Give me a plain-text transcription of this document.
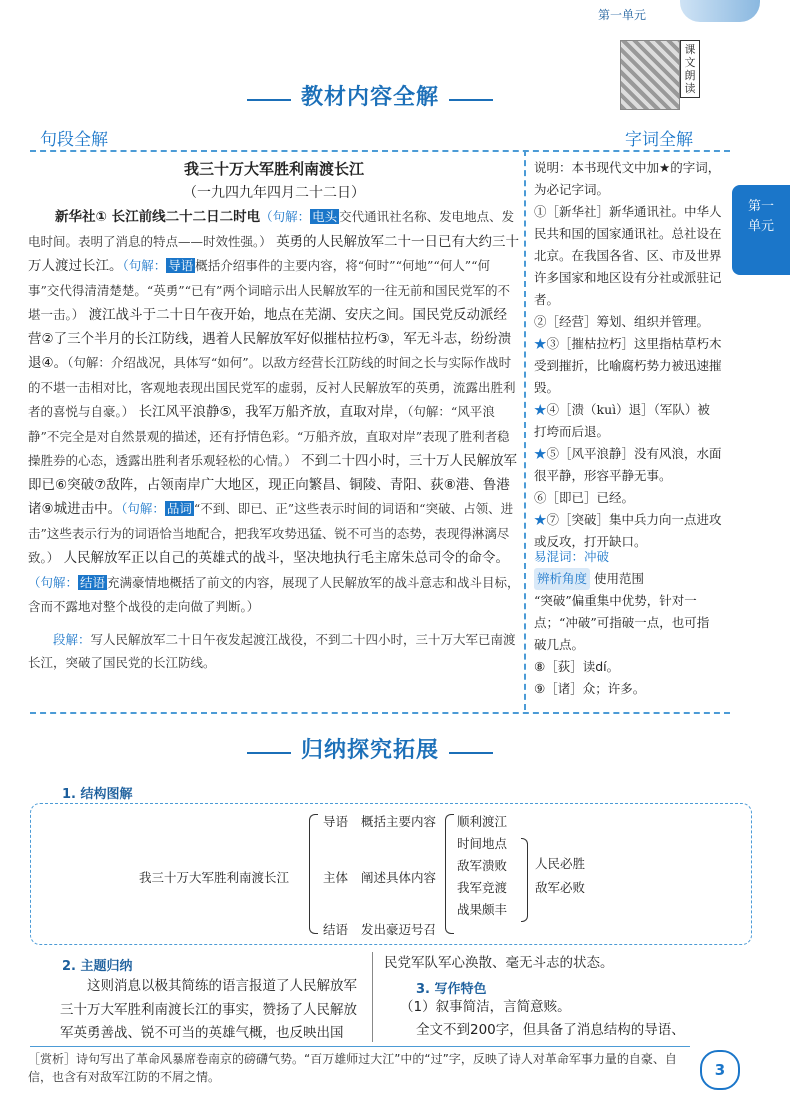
第一单元
课文朗读
教材内容全解
句段全解	字词全解
我三十万大军胜利南渡长江
（一九四九年四月二十二日）
新华社① 长江前线二十二日二时电（句解： 电头 交代通讯社名称、发电地点、发电时间。表明了消息的特点——时效性强。） 英勇的人民解放军二十一日已有大约三十万人渡过长江。（句解： 导语 概括介绍事件的主要内容，将“何时”“何地”“何人”“何事”交代得清清楚楚。“英勇”“已有”两个词暗示出人民解放军的一往无前和国民党军的不堪一击。） 渡江战斗于二十日午夜开始，地点在芜湖、安庆之间。国民党反动派经营②了三个半月的长江防线，遇着人民解放军好似摧枯拉朽③，军无斗志，纷纷溃退④。（句解：介绍战况，具体写“如何”。以敌方经营长江防线的时间之长与实际作战时的不堪一击相对比，客观地表现出国民党军的虚弱，反衬人民解放军的英勇，流露出胜利者的喜悦与自豪。） 长江风平浪静⑤，我军万船齐放，直取对岸，（句解：“风平浪静”不完全是对自然景观的描述，还有抒情色彩。“万船齐放，直取对岸”表现了胜利者稳操胜券的心态，透露出胜利者乐观轻松的心情。） 不到二十四小时，三十万人民解放军即已⑥突破⑦敌阵，占领南岸广大地区，现正向繁昌、铜陵、青阳、荻⑧港、鲁港诸⑨城进击中。（句解： 品词 “不到、即已、正”这些表示时间的词语和“突破、占领、进击”这些表示行为的词语恰当地配合，把我军攻势迅猛、锐不可当的态势，表现得淋漓尽致。） 人民解放军正以自己的英雄式的战斗，坚决地执行毛主席朱总司令的命令。（句解： 结语 充满豪情地概括了前文的内容，展现了人民解放军的战斗意志和战斗目标，含而不露地对整个战役的走向做了判断。）
段解：写人民解放军二十日午夜发起渡江战役，不到二十四小时，三十万大军已南渡长江，突破了国民党的长江防线。
说明：本书现代文中加★的字词，为必记字词。
①［新华社］新华通讯社。中华人民共和国的国家通讯社。总社设在北京。在我国各省、区、市及世界许多国家和地区设有分社或派驻记者。
②［经营］筹划、组织并管理。
★③［摧枯拉朽］这里指枯草朽木受到摧折，比喻腐朽势力被迅速摧毁。
★④［溃（kuì）退］（军队）被打垮而后退。
★⑤［风平浪静］没有风浪，水面很平静，形容平静无事。
⑥［即已］已经。
★⑦［突破］集中兵力向一点进攻或反攻，打开缺口。
易混词：冲破
辨析角度 使用范围
“突破”偏重集中优势，针对一点；“冲破”可指破一点，也可指破几点。
⑧［荻］读dí。
⑨［诸］众；许多。
第一
单元
归纳探究拓展
1. 结构图解
我三十万大军胜利南渡长江
导语 概括主要内容
主体 阐述具体内容
结语 发出豪迈号召
顺利渡江
时间地点
敌军溃败
我军竞渡
战果颇丰
人民必胜
敌军必败
2. 主题归纳
这则消息以极其简练的语言报道了人民解放军三十万大军胜利南渡长江的事实，赞扬了人民解放军英勇善战、锐不可当的英雄气概，也反映出国
民党军队军心涣散、毫无斗志的状态。
3. 写作特色
（1）叙事简洁，言简意赅。
全文不到200字，但具备了消息结构的导语、
［赏析］诗句写出了革命风暴席卷南京的磅礴气势。“百万雄师过大江”中的“过”字，反映了诗人对革命军事力量的自豪、自信，也含有对敌军江防的不屑之情。	3
